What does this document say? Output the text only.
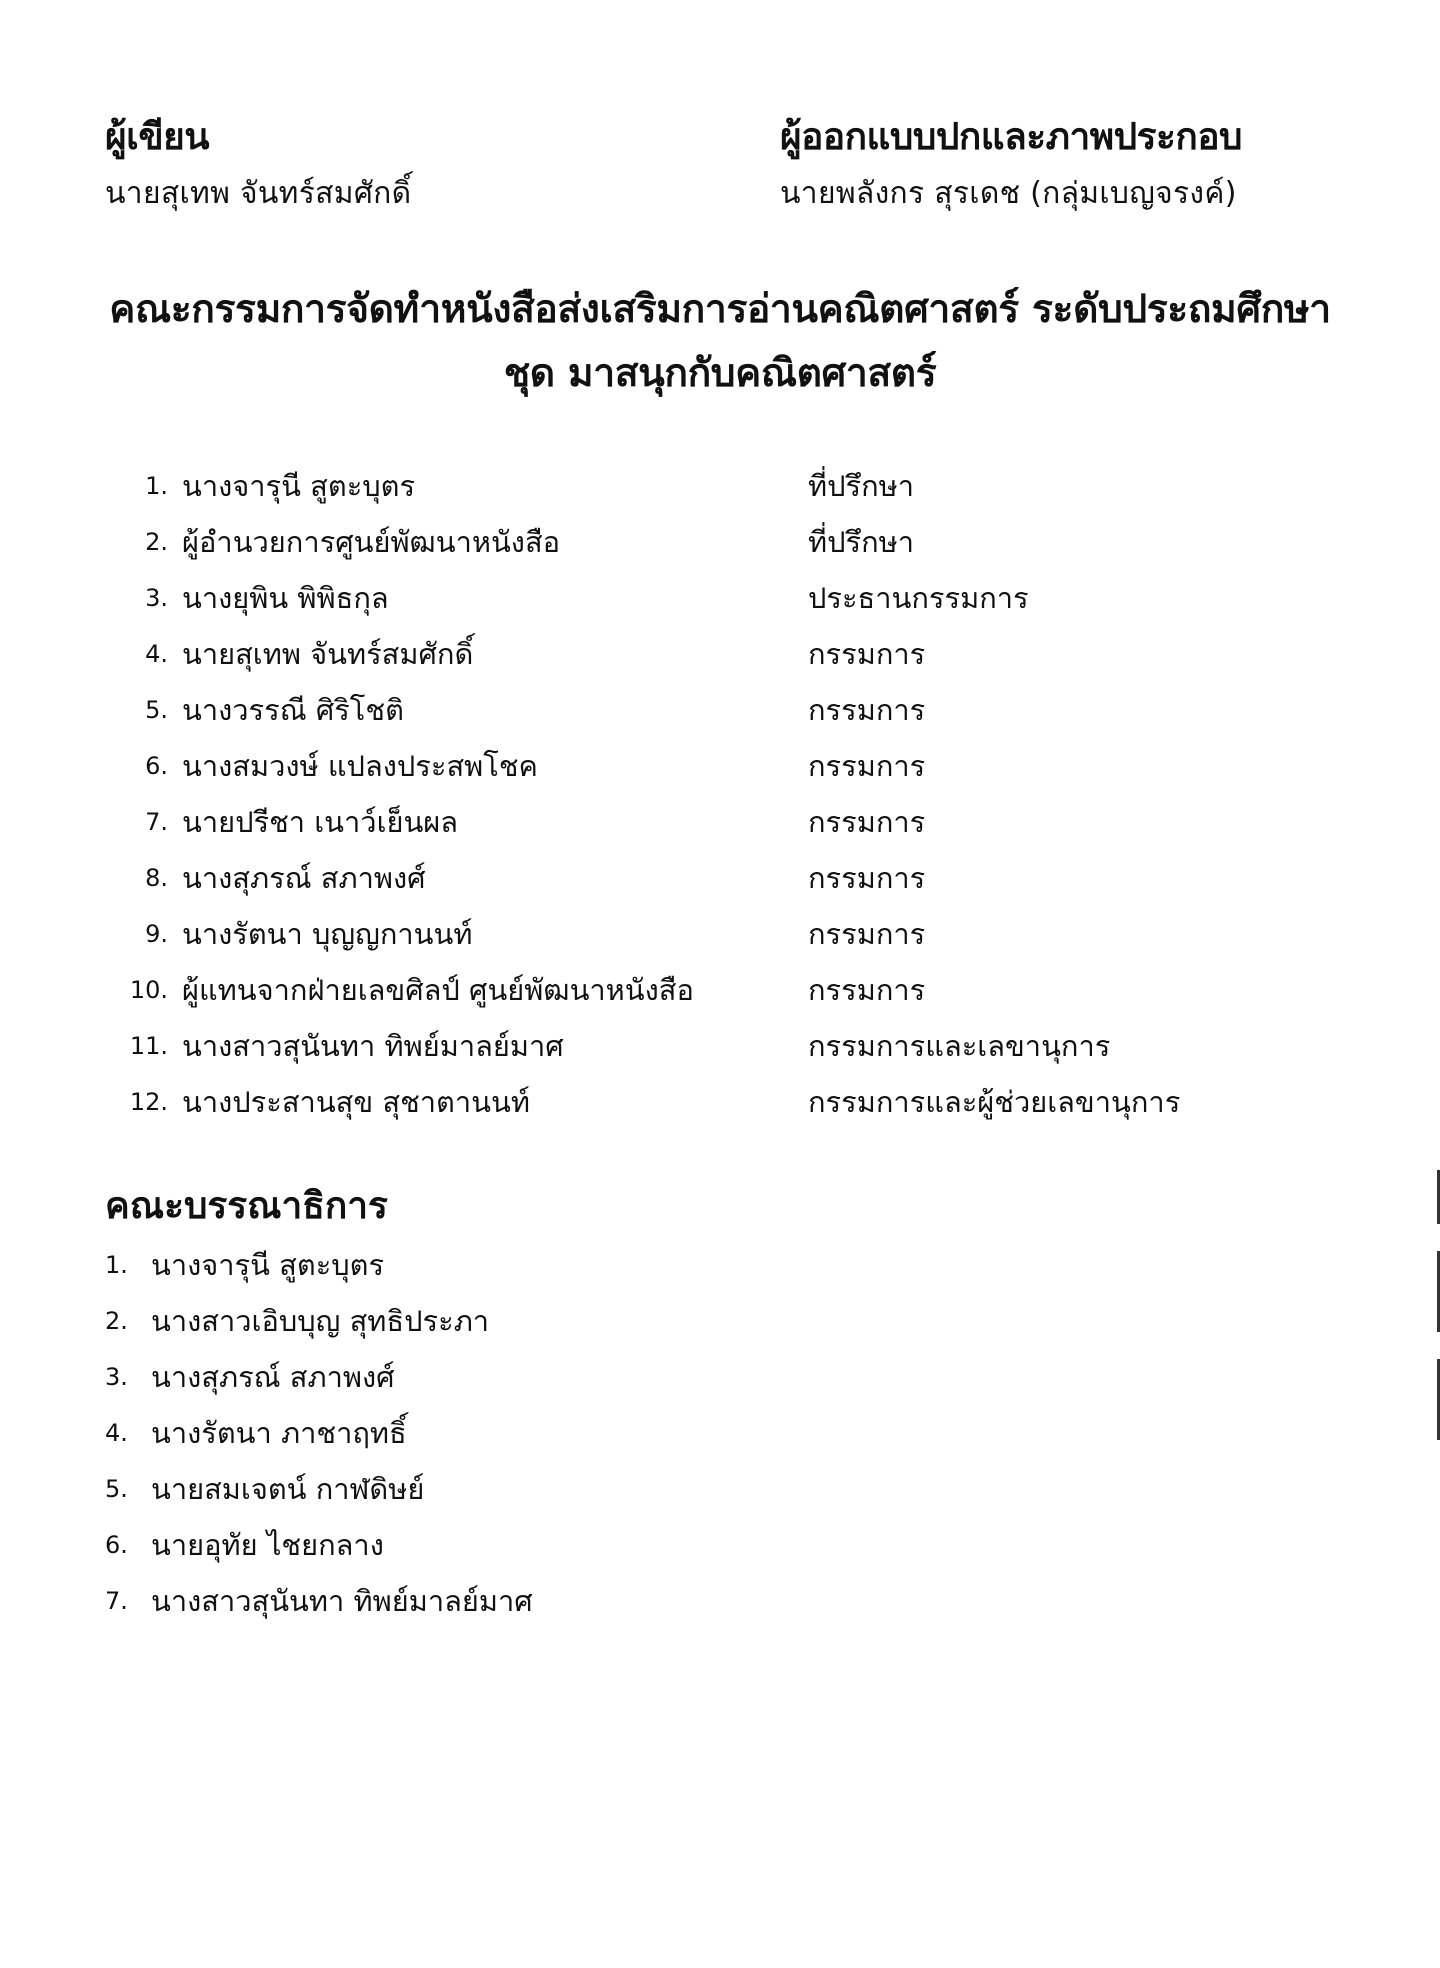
ผู้เขียน
นายสุเทพ จันทร์สมศักดิ์
ผู้ออกแบบปกและภาพประกอบ
นายพลังกร สุรเดช (กลุ่มเบญจรงค์)
คณะกรรมการจัดทำหนังสือส่งเสริมการอ่านคณิตศาสตร์ ระดับประถมศึกษา
ชุด มาสนุกกับคณิตศาสตร์
1. นางจารุนี สูตะบุตร	ที่ปรึกษา
2. ผู้อำนวยการศูนย์พัฒนาหนังสือ	ที่ปรึกษา
3. นางยุพิน พิพิธกุล	ประธานกรรมการ
4. นายสุเทพ จันทร์สมศักดิ์	กรรมการ
5. นางวรรณี ศิริโชติ	กรรมการ
6. นางสมวงษ์ แปลงประสพโชค	กรรมการ
7. นายปรีชา เนาว์เย็นผล	กรรมการ
8. นางสุภรณ์ สภาพงศ์	กรรมการ
9. นางรัตนา บุญญกานนท์	กรรมการ
10. ผู้แทนจากฝ่ายเลขศิลป์ ศูนย์พัฒนาหนังสือ	กรรมการ
11. นางสาวสุนันทา ทิพย์มาลย์มาศ	กรรมการและเลขานุการ
12. นางประสานสุข สุชาตานนท์	กรรมการและผู้ช่วยเลขานุการ
คณะบรรณาธิการ
1. นางจารุนี สูตะบุตร
2. นางสาวเอิบบุญ สุทธิประภา
3. นางสุภรณ์ สภาพงศ์
4. นางรัตนา ภาชาฤทธิ์
5. นายสมเจตน์ กาฬดิษย์
6. นายอุทัย ไชยกลาง
7. นางสาวสุนันทา ทิพย์มาลย์มาศ
